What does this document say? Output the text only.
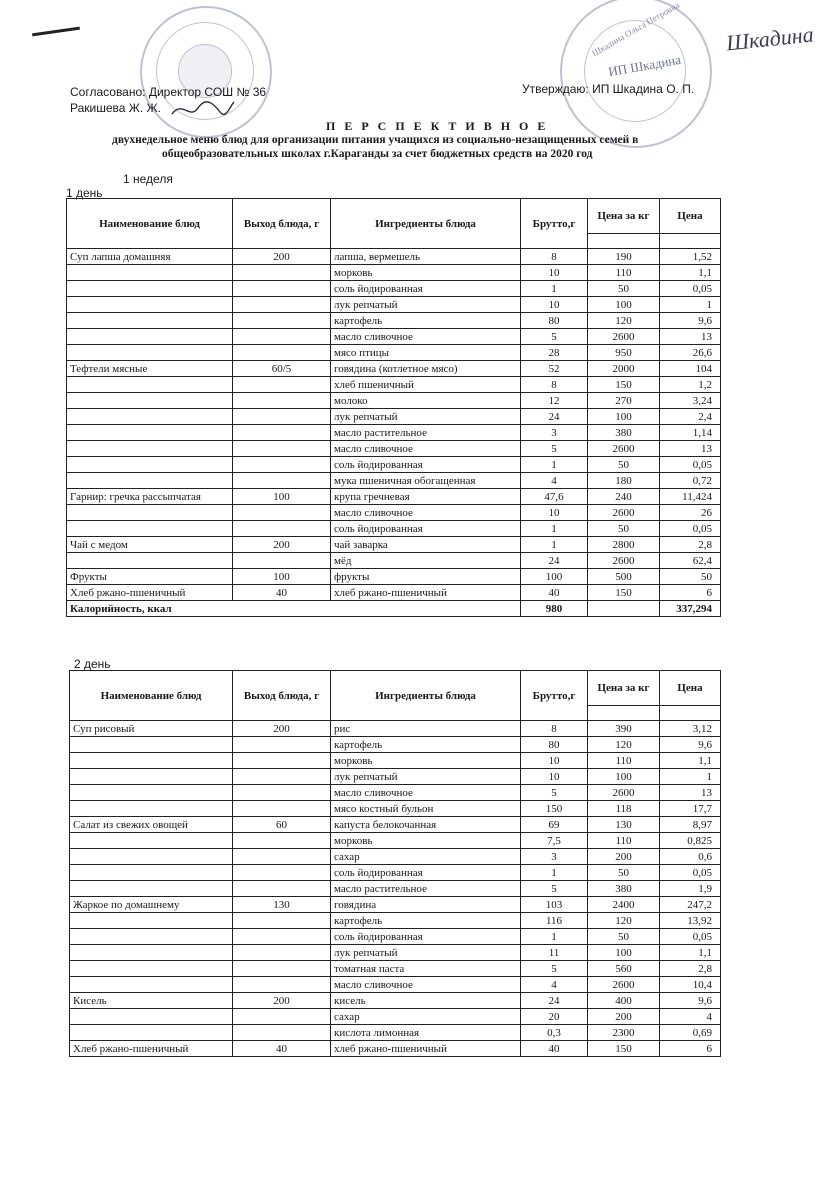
ИП Шкадина
Шкадина Ольга Петровна Шкадина
Согласовано: Директор СОШ № 36
Ракишева Ж. Ж.
Утверждаю: ИП Шкадина О. П.
П Е Р С П Е К Т И В Н О Е
двухнедельное меню блюд для организации питания учащихся из социально-незащищенных семей в
общеобразовательных школах г.Караганды за счет бюджетных средств на 2020 год
1 неделя
1 день
Наименование блюд	Выход блюда, г	Ингредиенты блюда	Брутто,г	Цена за кг	Цена

Суп лапша домашняя	200	лапша, вермешель	8	190	1,52
		морковь	10	110	1,1
		соль йодированная	1	50	0,05
		лук репчатый	10	100	1
		картофель	80	120	9,6
		масло сливочное	5	2600	13
		мясо птицы	28	950	26,6
Тефтели мясные	60/5	говядина (котлетное мясо)	52	2000	104
		хлеб пшеничный	8	150	1,2
		молоко	12	270	3,24
		лук репчатый	24	100	2,4
		масло растительное	3	380	1,14
		масло сливочное	5	2600	13
		соль йодированная	1	50	0,05
		мука пшеничная обогащенная	4	180	0,72
Гарнир: гречка рассыпчатая	100	крупа гречневая	47,6	240	11,424
		масло сливочное	10	2600	26
		соль йодированная	1	50	0,05
Чай с медом	200	чай заварка	1	2800	2,8
		мёд	24	2600	62,4
Фрукты	100	фрукты	100	500	50
Хлеб ржано-пшеничный	40	хлеб ржано-пшеничный	40	150	6
Калорийность, ккал			980		337,294
2 день
Наименование блюд	Выход блюда, г	Ингредиенты блюда	Брутто,г	Цена за кг	Цена

Суп рисовый	200	рис	8	390	3,12
		картофель	80	120	9,6
		морковь	10	110	1,1
		лук репчатый	10	100	1
		масло сливочное	5	2600	13
		мясо костный бульон	150	118	17,7
Салат из свежих овощей	60	капуста белокочанная	69	130	8,97
		морковь	7,5	110	0,825
		сахар	3	200	0,6
		соль йодированная	1	50	0,05
		масло растительное	5	380	1,9
Жаркое по домашнему	130	говядина	103	2400	247,2
		картофель	116	120	13,92
		соль йодированная	1	50	0,05
		лук репчатый	11	100	1,1
		томатная паста	5	560	2,8
		масло сливочное	4	2600	10,4
Кисель	200	кисель	24	400	9,6
		сахар	20	200	4
		кислота лимонная	0,3	2300	0,69
Хлеб ржано-пшеничный	40	хлеб ржано-пшеничный	40	150	6
